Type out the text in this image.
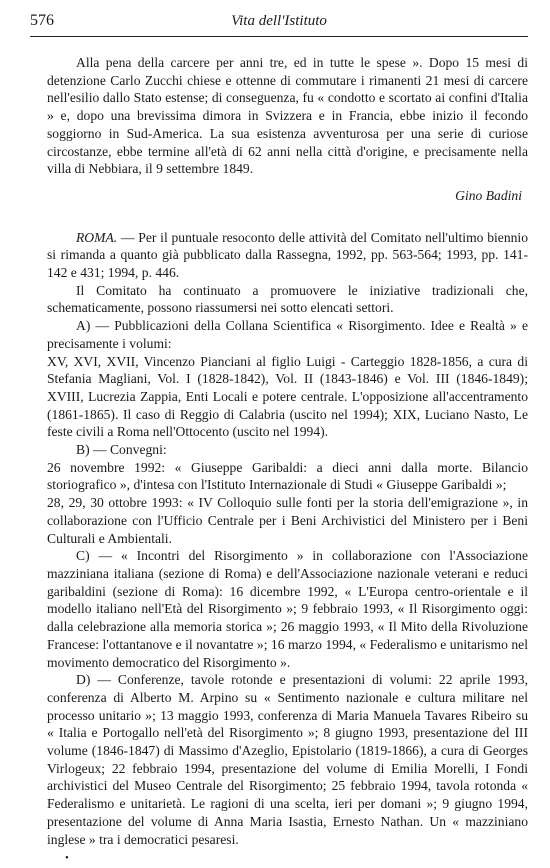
576	Vita dell'Istituto

Alla pena della carcere per anni tre, ed in tutte le spese ». Dopo 15 mesi di detenzione Carlo Zucchi chiese e ottenne di commutare i rimanenti 21 mesi di carcere nell'esilio dallo Stato estense; di conseguenza, fu « condotto e scortato ai confini d'Italia » e, dopo una brevissima dimora in Svizzera e in Francia, ebbe inizio il fecondo soggiorno in Sud-America. La sua esistenza avventurosa per una serie di curiose circostanze, ebbe termine all'età di 62 anni nella città d'origine, e precisamente nella villa di Nebbiara, il 9 settembre 1849.

Gino Badini

ROMA. — Per il puntuale resoconto delle attività del Comitato nell'ultimo biennio si rimanda a quanto già pubblicato dalla Rassegna, 1992, pp. 563-564; 1993, pp. 141-142 e 431; 1994, p. 446.

Il Comitato ha continuato a promuovere le iniziative tradizionali che, schematicamente, possono riassumersi nei sotto elencati settori.

A) — Pubblicazioni della Collana Scientifica « Risorgimento. Idee e Realtà » e precisamente i volumi:

XV, XVI, XVII, Vincenzo Pianciani al figlio Luigi - Carteggio 1828-1856, a cura di Stefania Magliani, Vol. I (1828-1842), Vol. II (1843-1846) e Vol. III (1846-1849); XVIII, Lucrezia Zappia, Enti Locali e potere centrale. L'opposizione all'accentramento (1861-1865). Il caso di Reggio di Calabria (uscito nel 1994); XIX, Luciano Nasto, Le feste civili a Roma nell'Ottocento (uscito nel 1994).

B) — Convegni:

26 novembre 1992: « Giuseppe Garibaldi: a dieci anni dalla morte. Bilancio storiografico », d'intesa con l'Istituto Internazionale di Studi « Giuseppe Garibaldi »;

28, 29, 30 ottobre 1993: « IV Colloquio sulle fonti per la storia dell'emigrazione », in collaborazione con l'Ufficio Centrale per i Beni Archivistici del Ministero per i Beni Culturali e Ambientali.

C) — « Incontri del Risorgimento » in collaborazione con l'Associazione mazziniana italiana (sezione di Roma) e dell'Associazione nazionale veterani e reduci garibaldini (sezione di Roma): 16 dicembre 1992, « L'Europa centro-orientale e il modello italiano nell'Età del Risorgimento »; 9 febbraio 1993, « Il Risorgimento oggi: dalla celebrazione alla memoria storica »; 26 maggio 1993, « Il Mito della Rivoluzione Francese: l'ottantanove e il novantatre »; 16 marzo 1994, « Federalismo e unitarismo nel movimento democratico del Risorgimento ».

D) — Conferenze, tavole rotonde e presentazioni di volumi: 22 aprile 1993, conferenza di Alberto M. Arpino su « Sentimento nazionale e cultura militare nel processo unitario »; 13 maggio 1993, conferenza di Maria Manuela Tavares Ribeiro su « Italia e Portogallo nell'età del Risorgimento »; 8 giugno 1993, presentazione del III volume (1846-1847) di Massimo d'Azeglio, Epistolario (1819-1866), a cura di Georges Virlogeux; 22 febbraio 1994, presentazione del volume di Emilia Morelli, I Fondi archivistici del Museo Centrale del Risorgimento; 25 febbraio 1994, tavola rotonda « Federalismo e unitarietà. Le ragioni di una scelta, ieri per domani »; 9 giugno 1994, presentazione del volume di Anna Maria Isastia, Ernesto Nathan. Un « mazziniano inglese » tra i democratici pesaresi.

•
